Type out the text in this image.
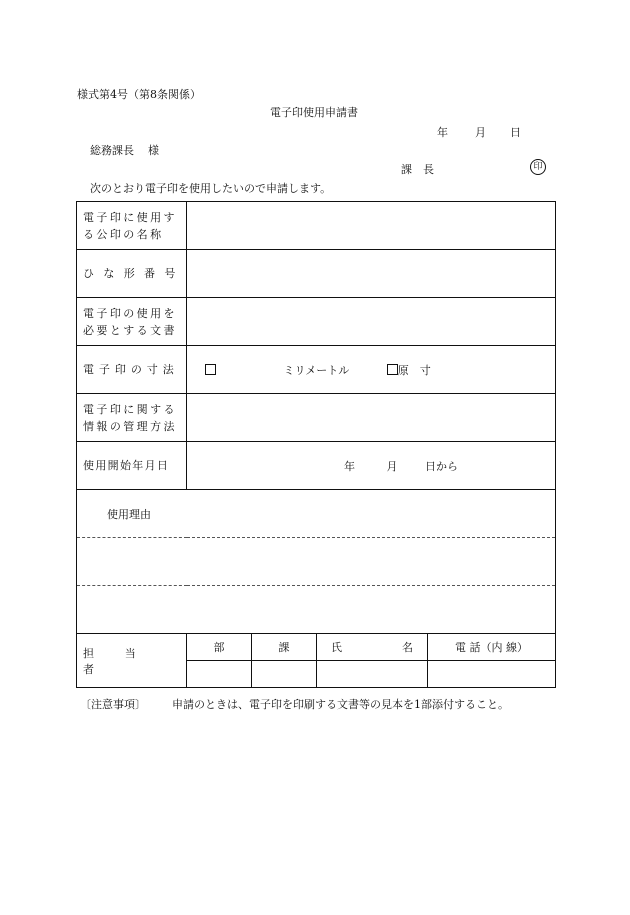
様式第4号（第8条関係）
電子印使用申請書
年 月 日
総務課長 様
課　長	印
次のとおり電子印を使用したいので申請します。
電子印に使用する公印の名称	

ひな形番号	

電子印の使用を必要とする文書	

電子印の寸法	ミリメートル 原　寸

電子印に関する情報の管理方法	

使用開始年月日	年 月 日から
使用理由	

担　当　者	部	課	氏 名	電 話（内 線）

〔注意事項〕 申請のときは、電子印を印刷する文書等の見本を1部添付すること。
